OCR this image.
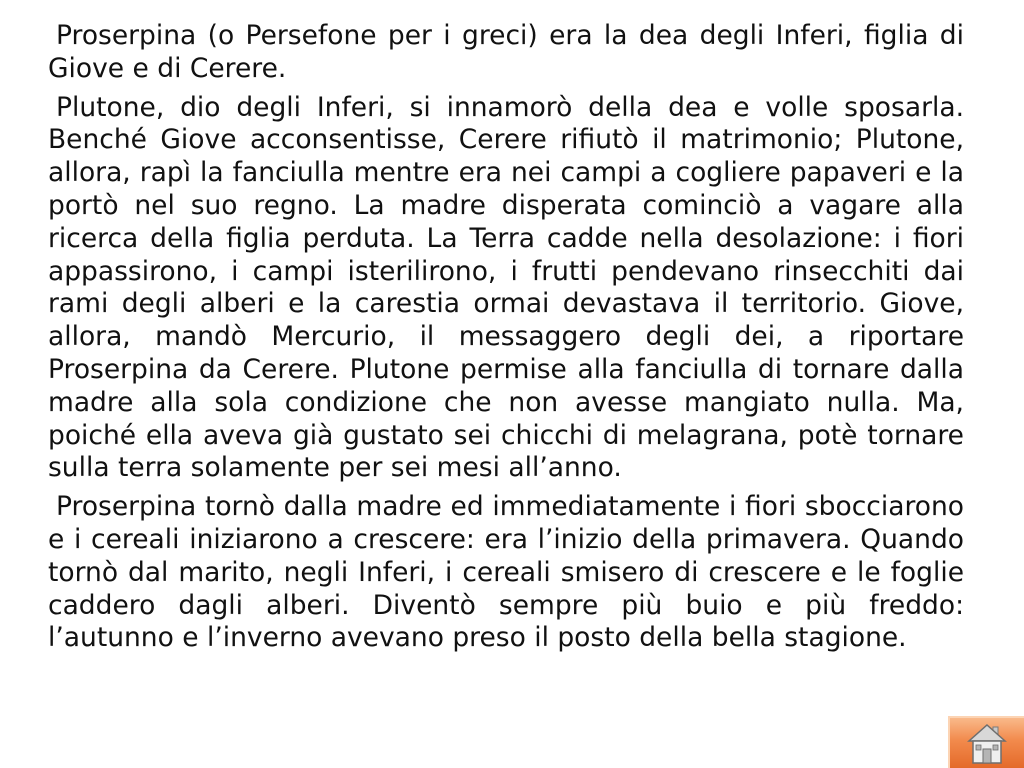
Proserpina (o Persefone per i greci) era la dea degli Inferi, figlia di Giove e di Cerere.

Plutone, dio degli Inferi, si innamorò della dea e volle sposarla. Benché Giove acconsentisse, Cerere rifiutò il matrimonio; Plutone, allora, rapì la fanciulla mentre era nei campi a cogliere papaveri e la portò nel suo regno. La madre disperata cominciò a vagare alla ricerca della figlia perduta. La Terra cadde nella desolazione: i fiori appassirono, i campi isterilirono, i frutti pendevano rinsecchiti dai rami degli alberi e la carestia ormai devastava il territorio. Giove, allora, mandò Mercurio, il messaggero degli dei, a riportare Proserpina da Cerere. Plutone permise alla fanciulla di tornare dalla madre alla sola condizione che non avesse mangiato nulla. Ma, poiché ella aveva già gustato sei chicchi di melagrana, potè tornare sulla terra solamente per sei mesi all’anno.

Proserpina tornò dalla madre ed immediatamente i fiori sbocciarono e i cereali iniziarono a crescere: era l’inizio della primavera. Quando tornò dal marito, negli Inferi, i cereali smisero di crescere e le foglie caddero dagli alberi. Diventò sempre più buio e più freddo: l’autunno e l’inverno avevano preso il posto della bella stagione.
